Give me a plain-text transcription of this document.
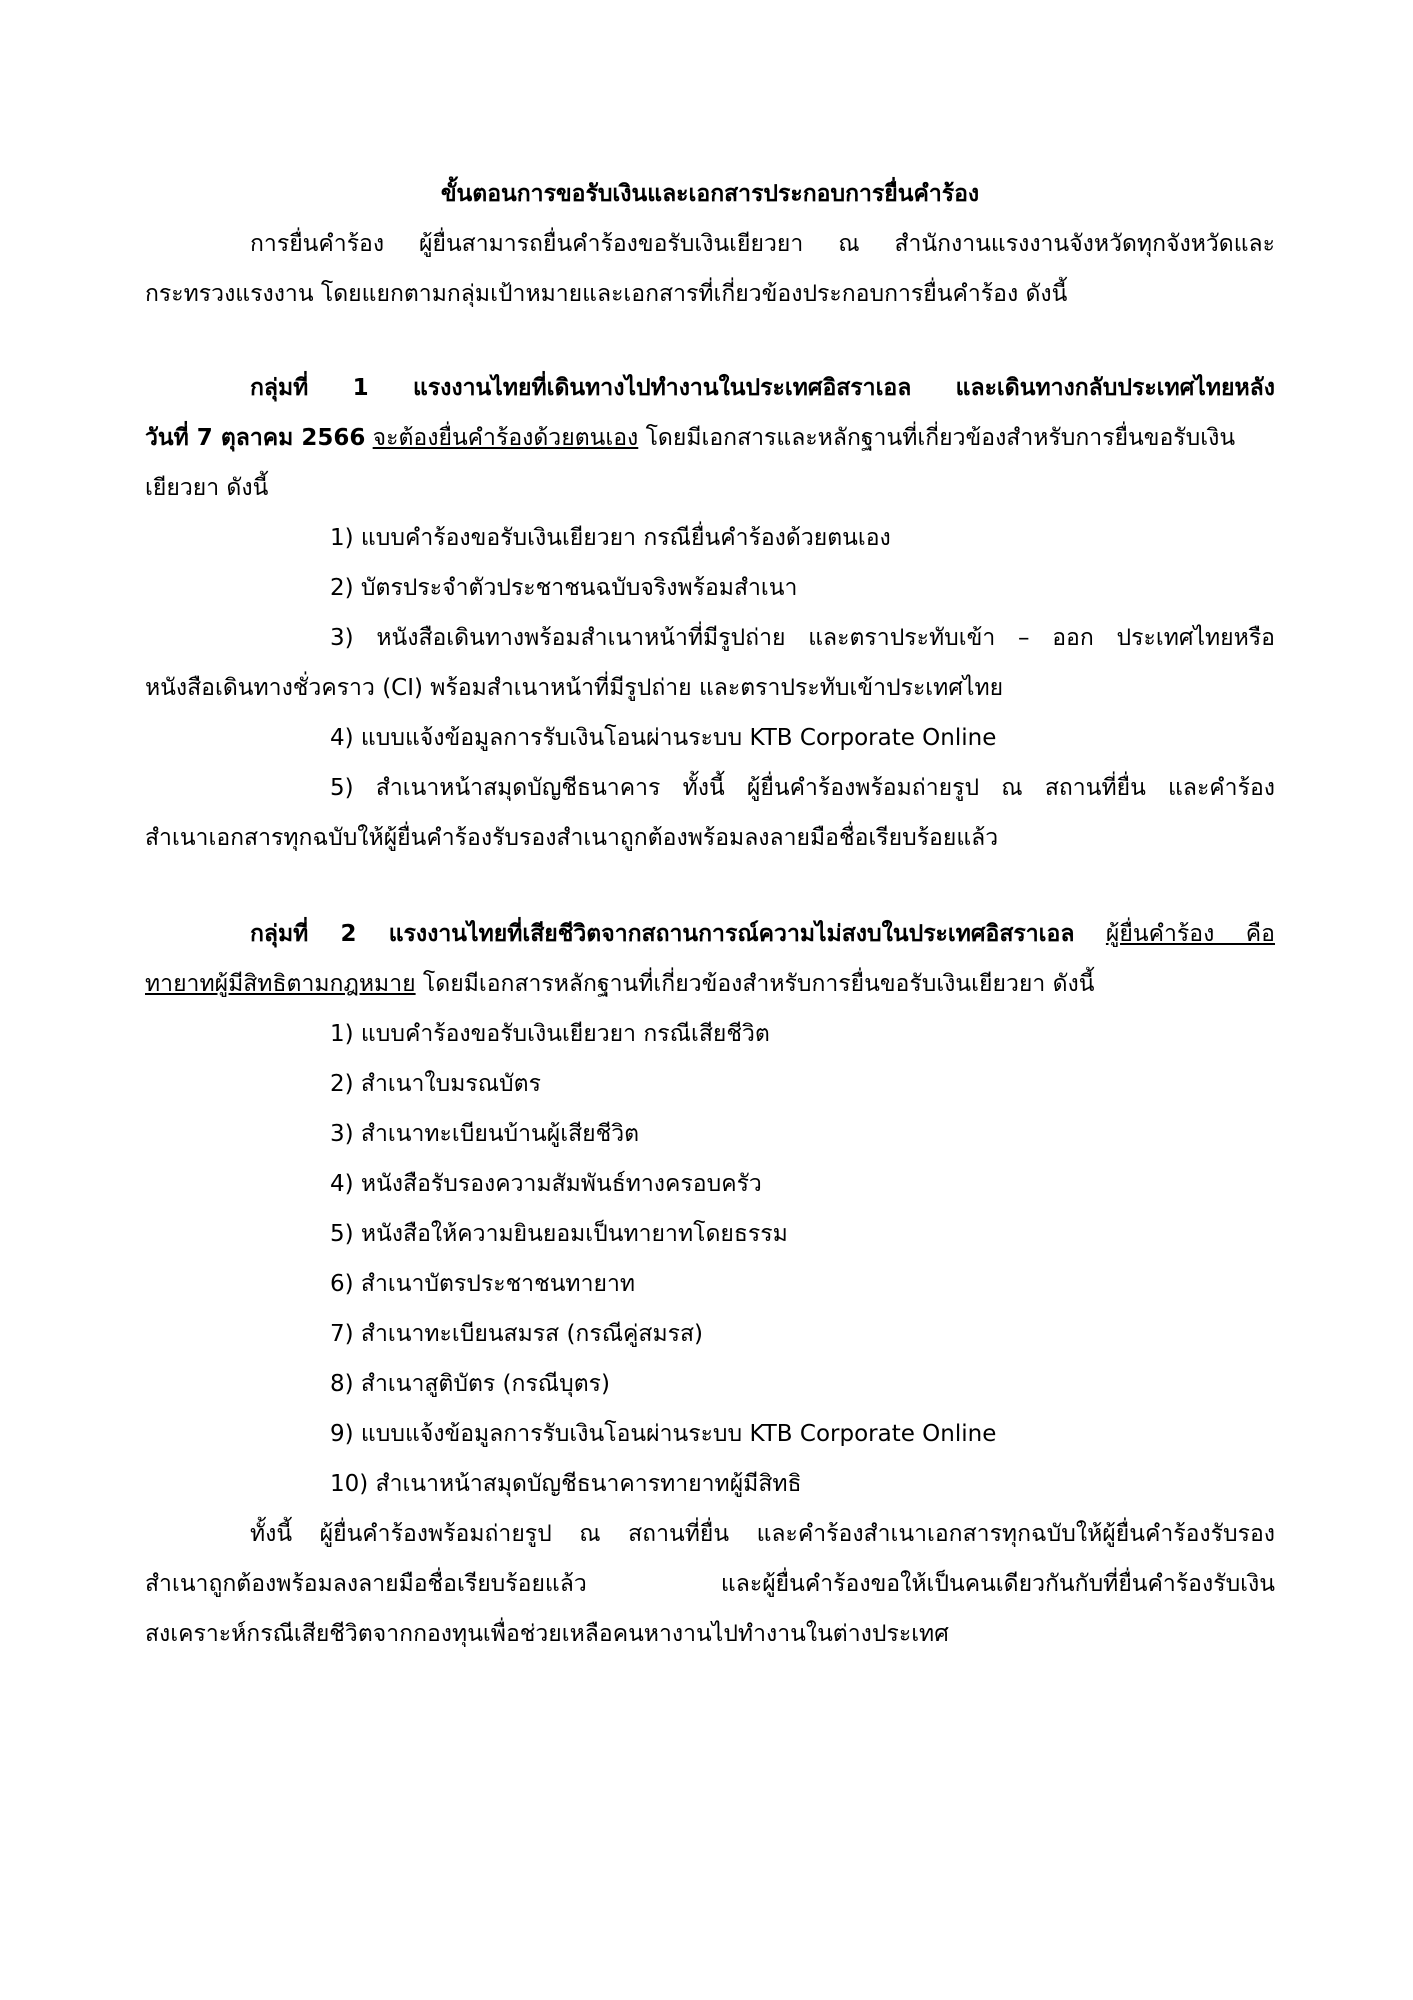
ขั้นตอนการขอรับเงินและเอกสารประกอบการยื่นคำร้อง
การยื่นคำร้อง ผู้ยื่นสามารถยื่นคำร้องขอรับเงินเยียวยา ณ สำนักงานแรงงานจังหวัดทุกจังหวัดและ
กระทรวงแรงงาน โดยแยกตามกลุ่มเป้าหมายและเอกสารที่เกี่ยวข้องประกอบการยื่นคำร้อง ดังนี้
กลุ่มที่ 1 แรงงานไทยที่เดินทางไปทำงานในประเทศอิสราเอล และเดินทางกลับประเทศไทยหลัง
วันที่ 7 ตุลาคม 2566 จะต้องยื่นคำร้องด้วยตนเอง โดยมีเอกสารและหลักฐานที่เกี่ยวข้องสำหรับการยื่นขอรับเงิน
เยียวยา ดังนี้
1) แบบคำร้องขอรับเงินเยียวยา กรณียื่นคำร้องด้วยตนเอง
2) บัตรประจำตัวประชาชนฉบับจริงพร้อมสำเนา
3) หนังสือเดินทางพร้อมสำเนาหน้าที่มีรูปถ่าย และตราประทับเข้า – ออก ประเทศไทยหรือ
หนังสือเดินทางชั่วคราว (CI) พร้อมสำเนาหน้าที่มีรูปถ่าย และตราประทับเข้าประเทศไทย
4) แบบแจ้งข้อมูลการรับเงินโอนผ่านระบบ KTB Corporate Online
5) สำเนาหน้าสมุดบัญชีธนาคาร ทั้งนี้ ผู้ยื่นคำร้องพร้อมถ่ายรูป ณ สถานที่ยื่น และคำร้อง
สำเนาเอกสารทุกฉบับให้ผู้ยื่นคำร้องรับรองสำเนาถูกต้องพร้อมลงลายมือชื่อเรียบร้อยแล้ว
กลุ่มที่ 2 แรงงานไทยที่เสียชีวิตจากสถานการณ์ความไม่สงบในประเทศอิสราเอล ผู้ยื่นคำร้อง คือ
ทายาทผู้มีสิทธิตามกฎหมาย โดยมีเอกสารหลักฐานที่เกี่ยวข้องสำหรับการยื่นขอรับเงินเยียวยา ดังนี้
1) แบบคำร้องขอรับเงินเยียวยา กรณีเสียชีวิต
2) สำเนาใบมรณบัตร
3) สำเนาทะเบียนบ้านผู้เสียชีวิต
4) หนังสือรับรองความสัมพันธ์ทางครอบครัว
5) หนังสือให้ความยินยอมเป็นทายาทโดยธรรม
6) สำเนาบัตรประชาชนทายาท
7) สำเนาทะเบียนสมรส (กรณีคู่สมรส)
8) สำเนาสูติบัตร (กรณีบุตร)
9) แบบแจ้งข้อมูลการรับเงินโอนผ่านระบบ KTB Corporate Online
10) สำเนาหน้าสมุดบัญชีธนาคารทายาทผู้มีสิทธิ
ทั้งนี้ ผู้ยื่นคำร้องพร้อมถ่ายรูป ณ สถานที่ยื่น และคำร้องสำเนาเอกสารทุกฉบับให้ผู้ยื่นคำร้องรับรอง
สำเนาถูกต้องพร้อมลงลายมือชื่อเรียบร้อยแล้ว และผู้ยื่นคำร้องขอให้เป็นคนเดียวกันกับที่ยื่นคำร้องรับเงิน
สงเคราะห์กรณีเสียชีวิตจากกองทุนเพื่อช่วยเหลือคนหางานไปทำงานในต่างประเทศ
